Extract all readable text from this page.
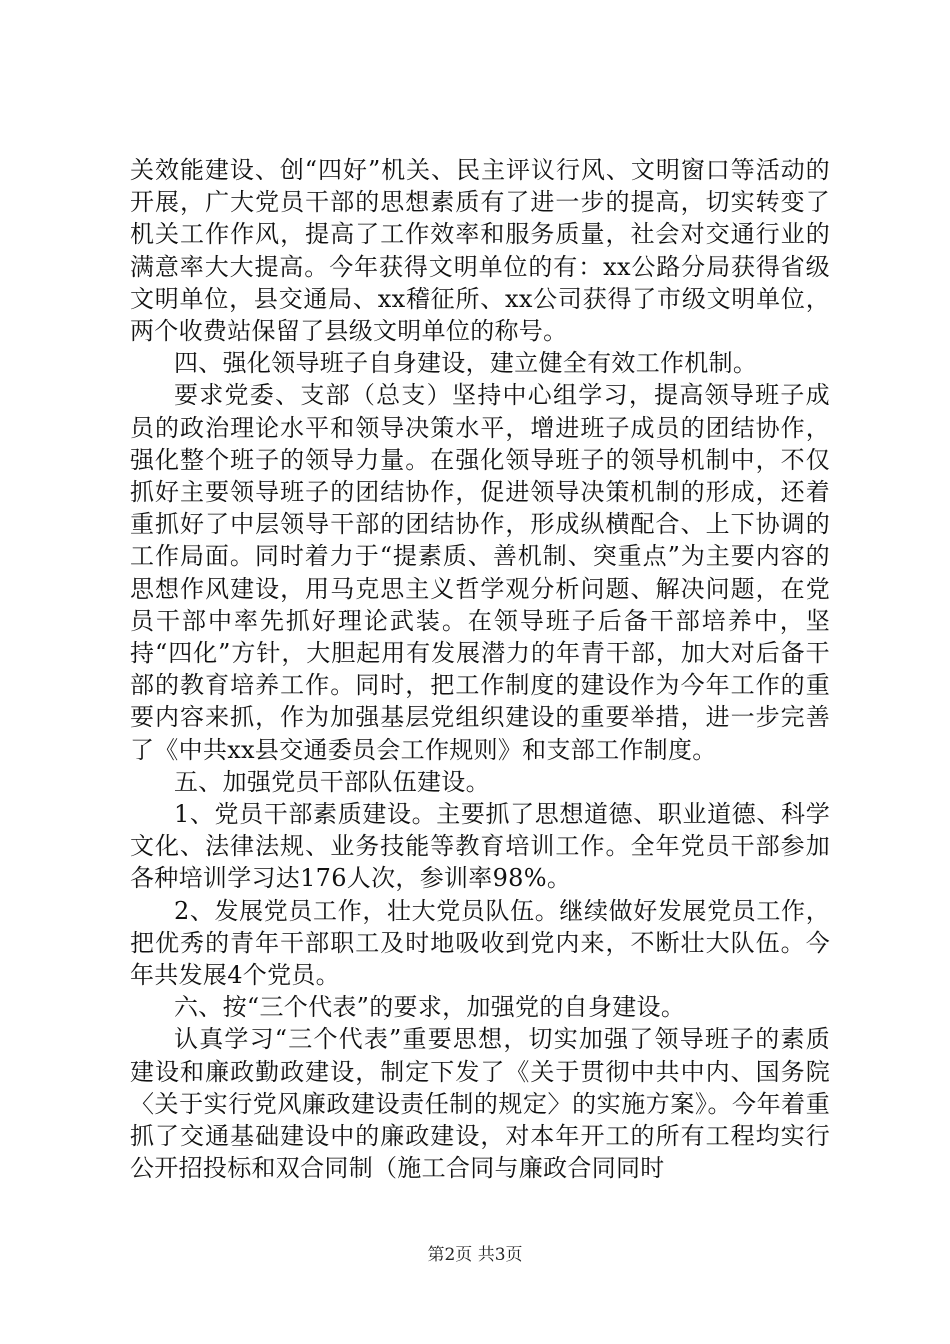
关效能建设、创“四好”机关、民主评议行风、文明窗口等活动的开展，广大党员干部的思想素质有了进一步的提高，切实转变了机关工作作风，提高了工作效率和服务质量，社会对交通行业的满意率大大提高。今年获得文明单位的有：xx公路分局获得省级文明单位，县交通局、xx稽征所、xx公司获得了市级文明单位，两个收费站保留了县级文明单位的称号。

四、强化领导班子自身建设，建立健全有效工作机制。

要求党委、支部（总支）坚持中心组学习，提高领导班子成员的政治理论水平和领导决策水平，增进班子成员的团结协作，强化整个班子的领导力量。在强化领导班子的领导机制中，不仅抓好主要领导班子的团结协作，促进领导决策机制的形成，还着重抓好了中层领导干部的团结协作，形成纵横配合、上下协调的工作局面。同时着力于“提素质、善机制、突重点”为主要内容的思想作风建设，用马克思主义哲学观分析问题、解决问题，在党员干部中率先抓好理论武装。在领导班子后备干部培养中，坚持“四化”方针，大胆起用有发展潜力的年青干部，加大对后备干部的教育培养工作。同时，把工作制度的建设作为今年工作的重要内容来抓，作为加强基层党组织建设的重要举措，进一步完善了《中共xx县交通委员会工作规则》和支部工作制度。

五、加强党员干部队伍建设。

1、党员干部素质建设。主要抓了思想道德、职业道德、科学文化、法律法规、业务技能等教育培训工作。全年党员干部参加各种培训学习达176人次，参训率98%。

2、发展党员工作，壮大党员队伍。继续做好发展党员工作，把优秀的青年干部职工及时地吸收到党内来，不断壮大队伍。今年共发展4个党员。

六、按“三个代表”的要求，加强党的自身建设。

认真学习“三个代表”重要思想，切实加强了领导班子的素质建设和廉政勤政建设，制定下发了《关于贯彻中共中内、国务院〈关于实行党风廉政建设责任制的规定〉的实施方案》。今年着重抓了交通基础建设中的廉政建设，对本年开工的所有工程均实行公开招投标和双合同制（施工合同与廉政合同同时

第2页 共3页
